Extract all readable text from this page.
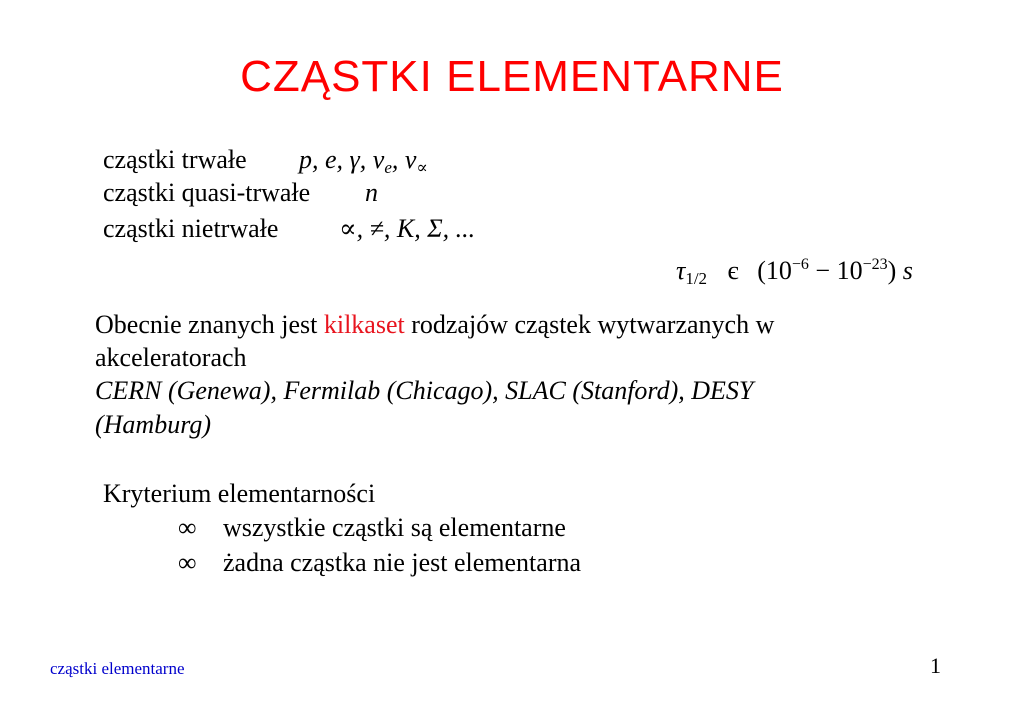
CZĄSTKI ELEMENTARNE
cząstki trwałe p, e, γ, $\nu_e$, $\nu_\propto$
cząstki quasi-trwałe n
cząstki nietrwałe ∝, ≠, K, Σ, ...
$\tau_{1/2}$ є $(10^{-6} - 10^{-23})$ s
Obecnie znanych jest kilkaset rodzajów cząstek wytwarzanych w
akceleratorach
CERN (Genewa), Fermilab (Chicago), SLAC (Stanford), DESY
(Hamburg)
Kryterium elementarności
∞ wszystkie cząstki są elementarne
∞ żadna cząstka nie jest elementarna
cząstki elementarne	1
